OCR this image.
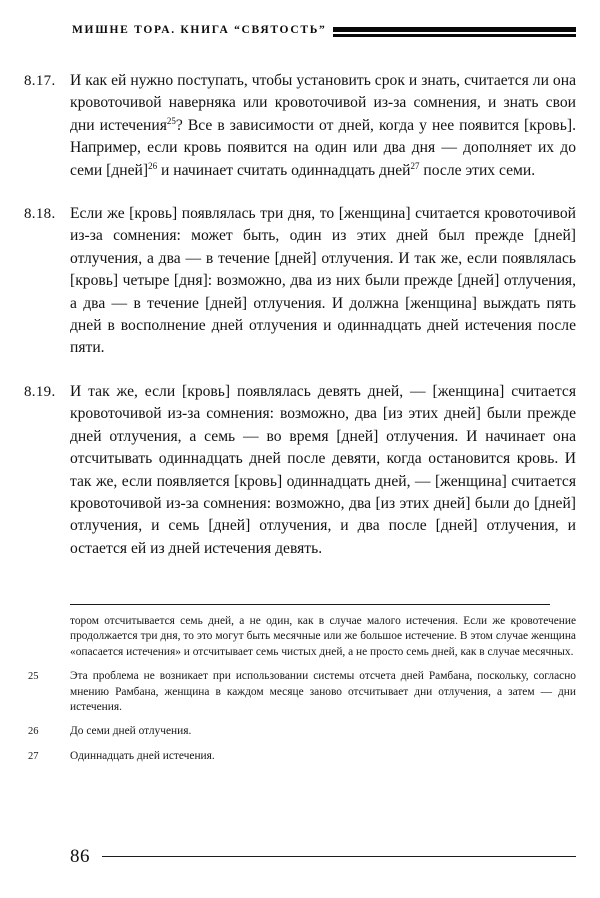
МИШНЕ ТОРА. КНИГА “СВЯТОСТЬ”
8.17. И как ей нужно поступать, чтобы установить срок и знать, считается ли она кровоточивой наверняка или кровоточивой из-за сомнения, и знать свои дни истечения$^{25}$? Все в зависимости от дней, когда у нее появится [кровь]. Например, если кровь появится на один или два дня — дополняет их до семи [дней]$^{26}$ и начинает считать одиннадцать дней$^{27}$ после этих семи.
8.18. Если же [кровь] появлялась три дня, то [женщина] считается кровоточивой из-за сомнения: может быть, один из этих дней был прежде [дней] отлучения, а два — в течение [дней] отлучения. И так же, если появлялась [кровь] четыре [дня]: возможно, два из них были прежде [дней] отлучения, а два — в течение [дней] отлучения. И должна [женщина] выждать пять дней в восполнение дней отлучения и одиннадцать дней истечения после пяти.
8.19. И так же, если [кровь] появлялась девять дней, — [женщина] считается кровоточивой из-за сомнения: возможно, два [из этих дней] были прежде дней отлучения, а семь — во время [дней] отлучения. И начинает она отсчитывать одиннадцать дней после девяти, когда остановится кровь. И так же, если появляется [кровь] одиннадцать дней, — [женщина] считается кровоточивой из-за сомнения: возможно, два [из этих дней] были до [дней] отлучения, и семь [дней] отлучения, и два после [дней] отлучения, и остается ей из дней истечения девять.
тором отсчитывается семь дней, а не один, как в случае малого истечения. Если же кровотечение продолжается три дня, то это могут быть месячные или же большое истечение. В этом случае женщина «опасается истечения» и отсчитывает семь чистых дней, а не просто семь дней, как в случае месячных.
25	Эта проблема не возникает при использовании системы отсчета дней Рамбана, поскольку, согласно мнению Рамбана, женщина в каждом месяце заново отсчитывает дни отлучения, а затем — дни истечения.
26	До семи дней отлучения.
27	Одиннадцать дней истечения.
86
